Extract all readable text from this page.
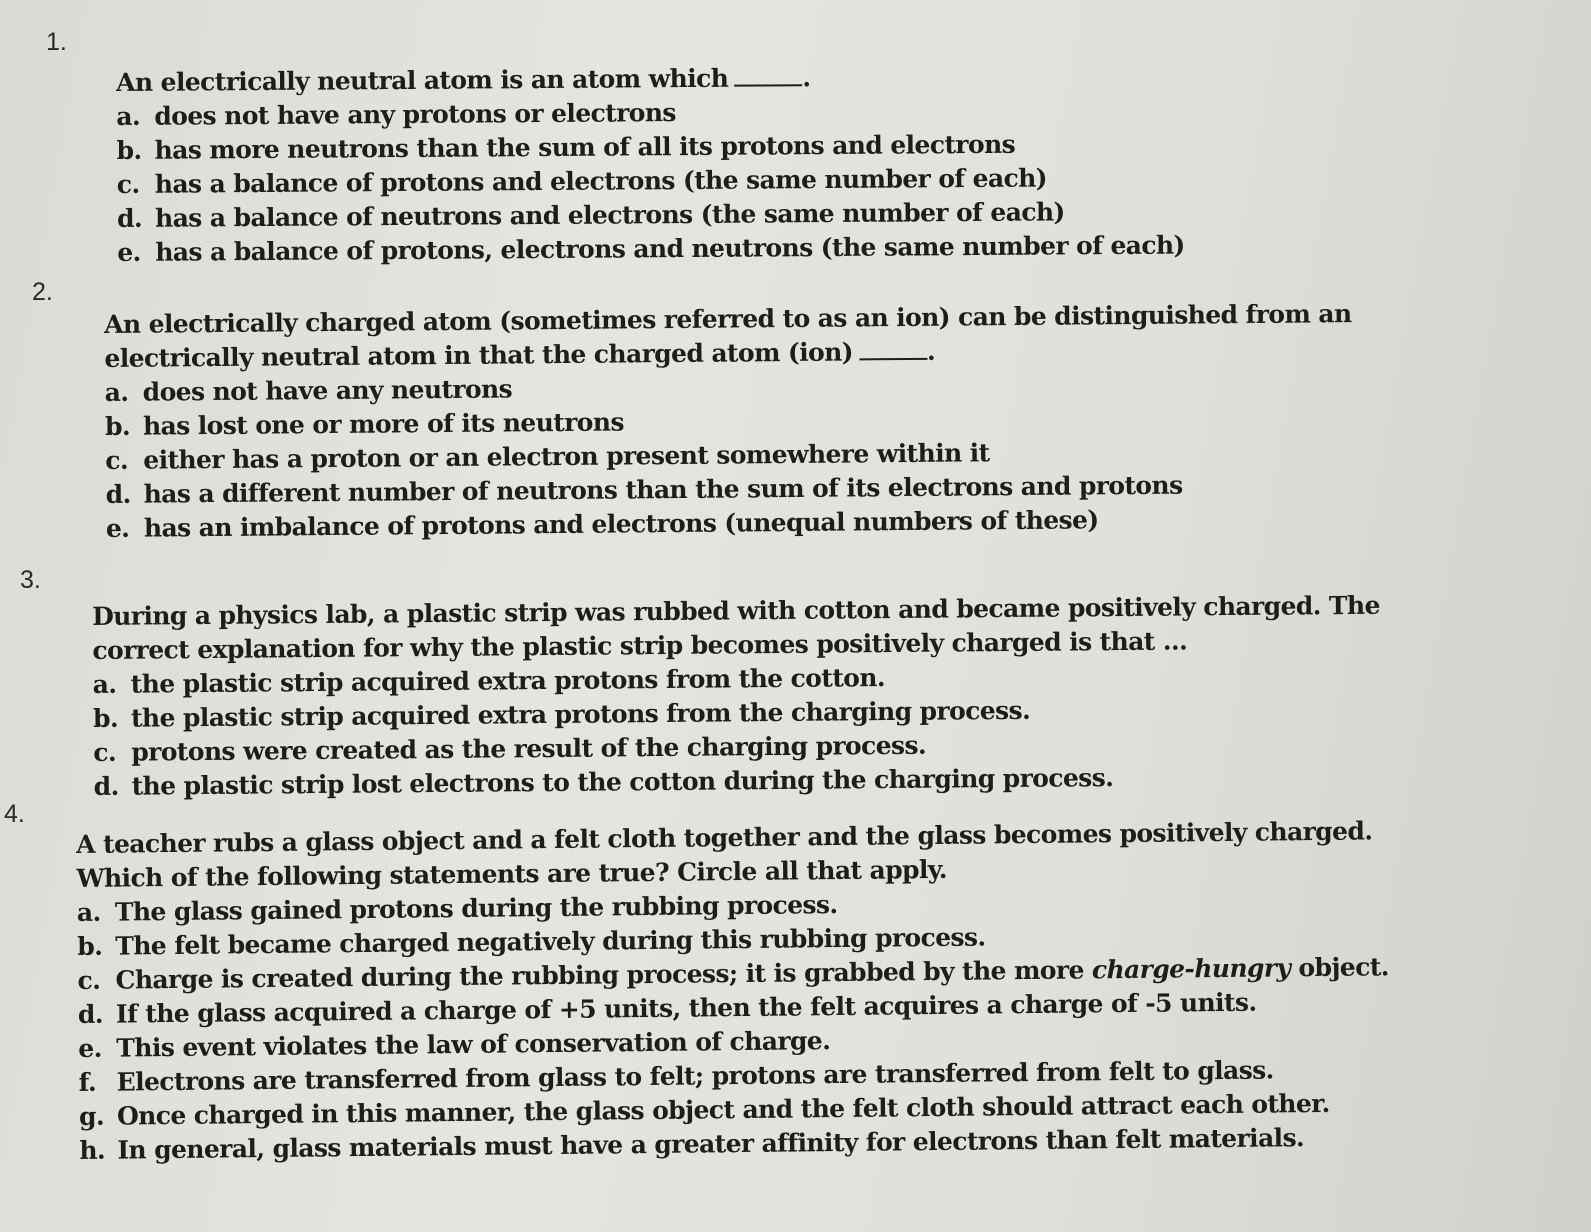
1.
2.
3.
4.
An electrically neutral atom is an atom which	.
a. does not have any protons or electrons
b. has more neutrons than the sum of all its protons and electrons
c. has a balance of protons and electrons (the same number of each)
d. has a balance of neutrons and electrons (the same number of each)
e. has a balance of protons, electrons and neutrons (the same number of each)
An electrically charged atom (sometimes referred to as an ion) can be distinguished from an
electrically neutral atom in that the charged atom (ion)	.
a. does not have any neutrons
b. has lost one or more of its neutrons
c. either has a proton or an electron present somewhere within it
d. has a different number of neutrons than the sum of its electrons and protons
e. has an imbalance of protons and electrons (unequal numbers of these)
During a physics lab, a plastic strip was rubbed with cotton and became positively charged. The
correct explanation for why the plastic strip becomes positively charged is that ...
a. the plastic strip acquired extra protons from the cotton.
b. the plastic strip acquired extra protons from the charging process.
c. protons were created as the result of the charging process.
d. the plastic strip lost electrons to the cotton during the charging process.
A teacher rubs a glass object and a felt cloth together and the glass becomes positively charged.
Which of the following statements are true? Circle all that apply.
a. The glass gained protons during the rubbing process.
b. The felt became charged negatively during this rubbing process.
c. Charge is created during the rubbing process; it is grabbed by the more charge-hungry object.
d. If the glass acquired a charge of +5 units, then the felt acquires a charge of -5 units.
e. This event violates the law of conservation of charge.
f. Electrons are transferred from glass to felt; protons are transferred from felt to glass.
g. Once charged in this manner, the glass object and the felt cloth should attract each other.
h. In general, glass materials must have a greater affinity for electrons than felt materials.
